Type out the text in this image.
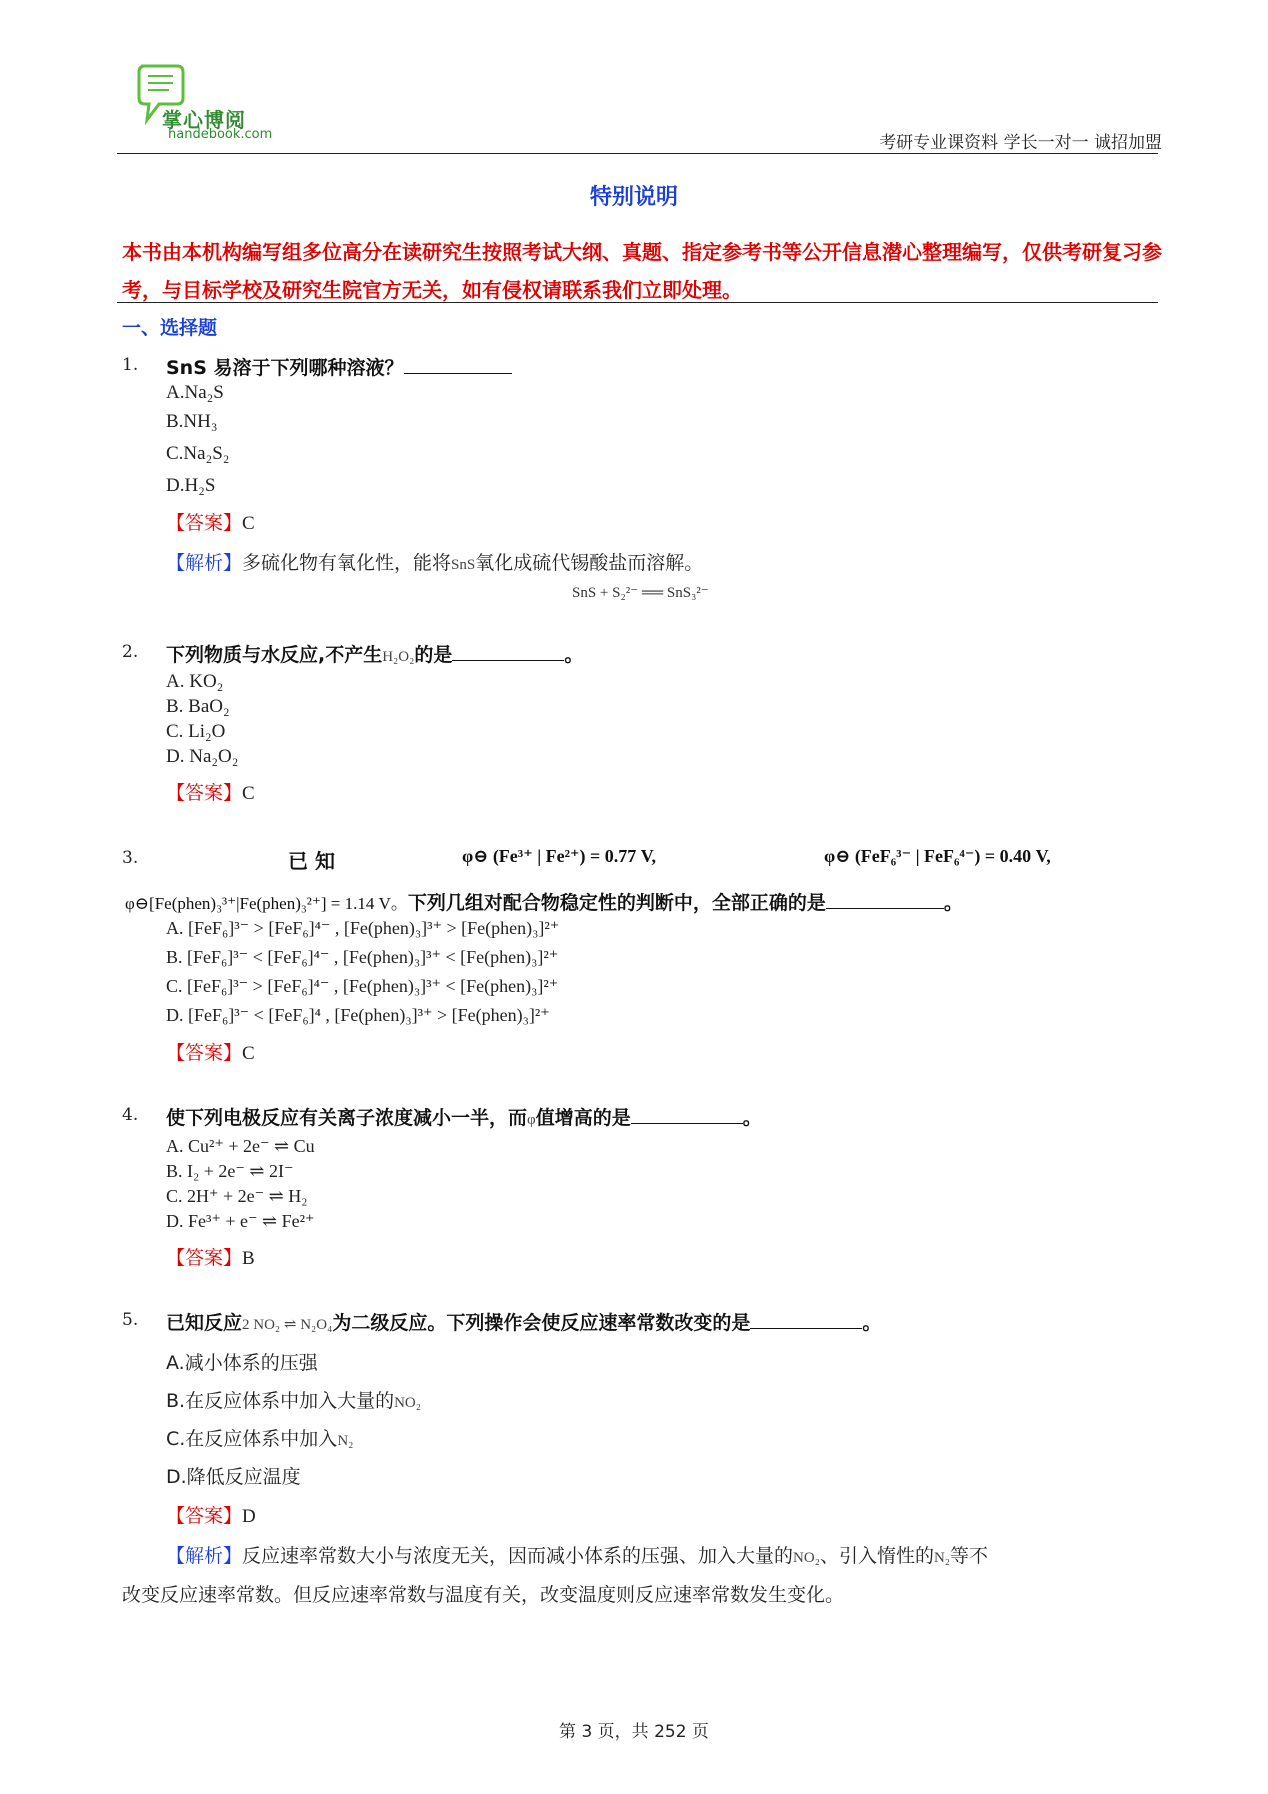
掌心博阅
handebook.com	考研专业课资料 学长一对一 诚招加盟
特别说明
本书由本机构编写组多位高分在读研究生按照考试大纲、真题、指定参考书等公开信息潜心整理编写，仅供考研复习参考，与目标学校及研究生院官方无关，如有侵权请联系我们立即处理。
一、选择题
1. SnS 易溶于下列哪种溶液？
A.Na₂S
B.NH₃
C.Na₂S₂
D.H₂S
【答案】C
【解析】多硫化物有氧化性，能将SnS氧化成硫代锡酸盐而溶解。
SnS + S₂²⁻ ══ SnS₃²⁻
2. 下列物质与水反应,不产生H₂O₂的是	。
A. KO₂
B. BaO₂
C. Li₂O
D. Na₂O₂
【答案】C
3.	已 知	φ⊖ (Fe³⁺ | Fe²⁺) = 0.77 V,	φ⊖ (FeF₆³⁻ | FeF₆⁴⁻) = 0.40 V,
φ⊖[Fe(phen)₃³⁺|Fe(phen)₃²⁺] = 1.14 V。下列几组对配合物稳定性的判断中，全部正确的是	。
A. [FeF₆]³⁻ > [FeF₆]⁴⁻ , [Fe(phen)₃]³⁺ > [Fe(phen)₃]²⁺
B. [FeF₆]³⁻ < [FeF₆]⁴⁻ , [Fe(phen)₃]³⁺ < [Fe(phen)₃]²⁺
C. [FeF₆]³⁻ > [FeF₆]⁴⁻ , [Fe(phen)₃]³⁺ < [Fe(phen)₃]²⁺
D. [FeF₆]³⁻ < [FeF₆]⁴ , [Fe(phen)₃]³⁺ > [Fe(phen)₃]²⁺
【答案】C
4. 使下列电极反应有关离子浓度减小一半，而φ值增高的是	。
A. Cu²⁺ + 2e⁻ ⇌ Cu
B. I₂ + 2e⁻ ⇌ 2I⁻
C. 2H⁺ + 2e⁻ ⇌ H₂
D. Fe³⁺ + e⁻ ⇌ Fe²⁺
【答案】B
5. 已知反应2 NO₂ ⇌ N₂O₄为二级反应。下列操作会使反应速率常数改变的是	。
A.减小体系的压强
B.在反应体系中加入大量的NO₂
C.在反应体系中加入N₂
D.降低反应温度
【答案】D
【解析】反应速率常数大小与浓度无关，因而减小体系的压强、加入大量的NO₂、引入惰性的N₂等不
改变反应速率常数。但反应速率常数与温度有关，改变温度则反应速率常数发生变化。
第 3 页，共 252 页
